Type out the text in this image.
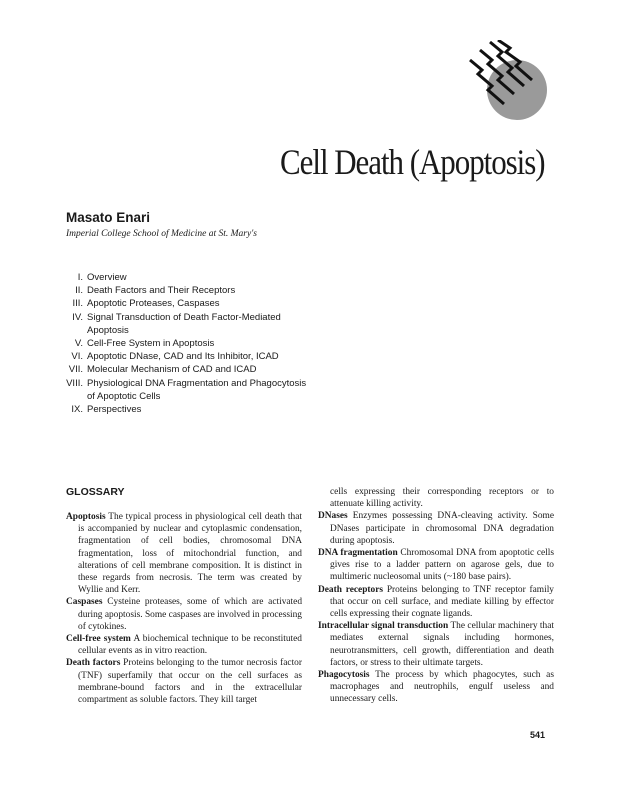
Cell Death (Apoptosis)
Masato Enari
Imperial College School of Medicine at St. Mary's
I. Overview
II. Death Factors and Their Receptors
III. Apoptotic Proteases, Caspases
IV. Signal Transduction of Death Factor-Mediated Apoptosis
V. Cell-Free System in Apoptosis
VI. Apoptotic DNase, CAD and Its Inhibitor, ICAD
VII. Molecular Mechanism of CAD and ICAD
VIII. Physiological DNA Fragmentation and Phagocytosis of Apoptotic Cells
IX. Perspectives
GLOSSARY
Apoptosis The typical process in physiological cell death that is accompanied by nuclear and cytoplasmic condensation, fragmentation of cell bodies, chromosomal DNA fragmentation, loss of mitochondrial function, and alterations of cell membrane composition. It is distinct in these regards from necrosis. The term was created by Wyllie and Kerr.
Caspases Cysteine proteases, some of which are activated during apoptosis. Some caspases are involved in processing of cytokines.
Cell-free system A biochemical technique to be reconstituted cellular events as in vitro reaction.
Death factors Proteins belonging to the tumor necrosis factor (TNF) superfamily that occur on the cell surfaces as membrane-bound factors and in the extracellular compartment as soluble factors. They kill target
cells expressing their corresponding receptors or to attenuate killing activity.
DNases Enzymes possessing DNA-cleaving activity. Some DNases participate in chromosomal DNA degradation during apoptosis.
DNA fragmentation Chromosomal DNA from apoptotic cells gives rise to a ladder pattern on agarose gels, due to multimeric nucleosomal units (~180 base pairs).
Death receptors Proteins belonging to TNF receptor family that occur on cell surface, and mediate killing by effector cells expressing their cognate ligands.
Intracellular signal transduction The cellular machinery that mediates external signals including hormones, neurotransmitters, cell growth, differentiation and death factors, or stress to their ultimate targets.
Phagocytosis The process by which phagocytes, such as macrophages and neutrophils, engulf useless and unnecessary cells.
541
